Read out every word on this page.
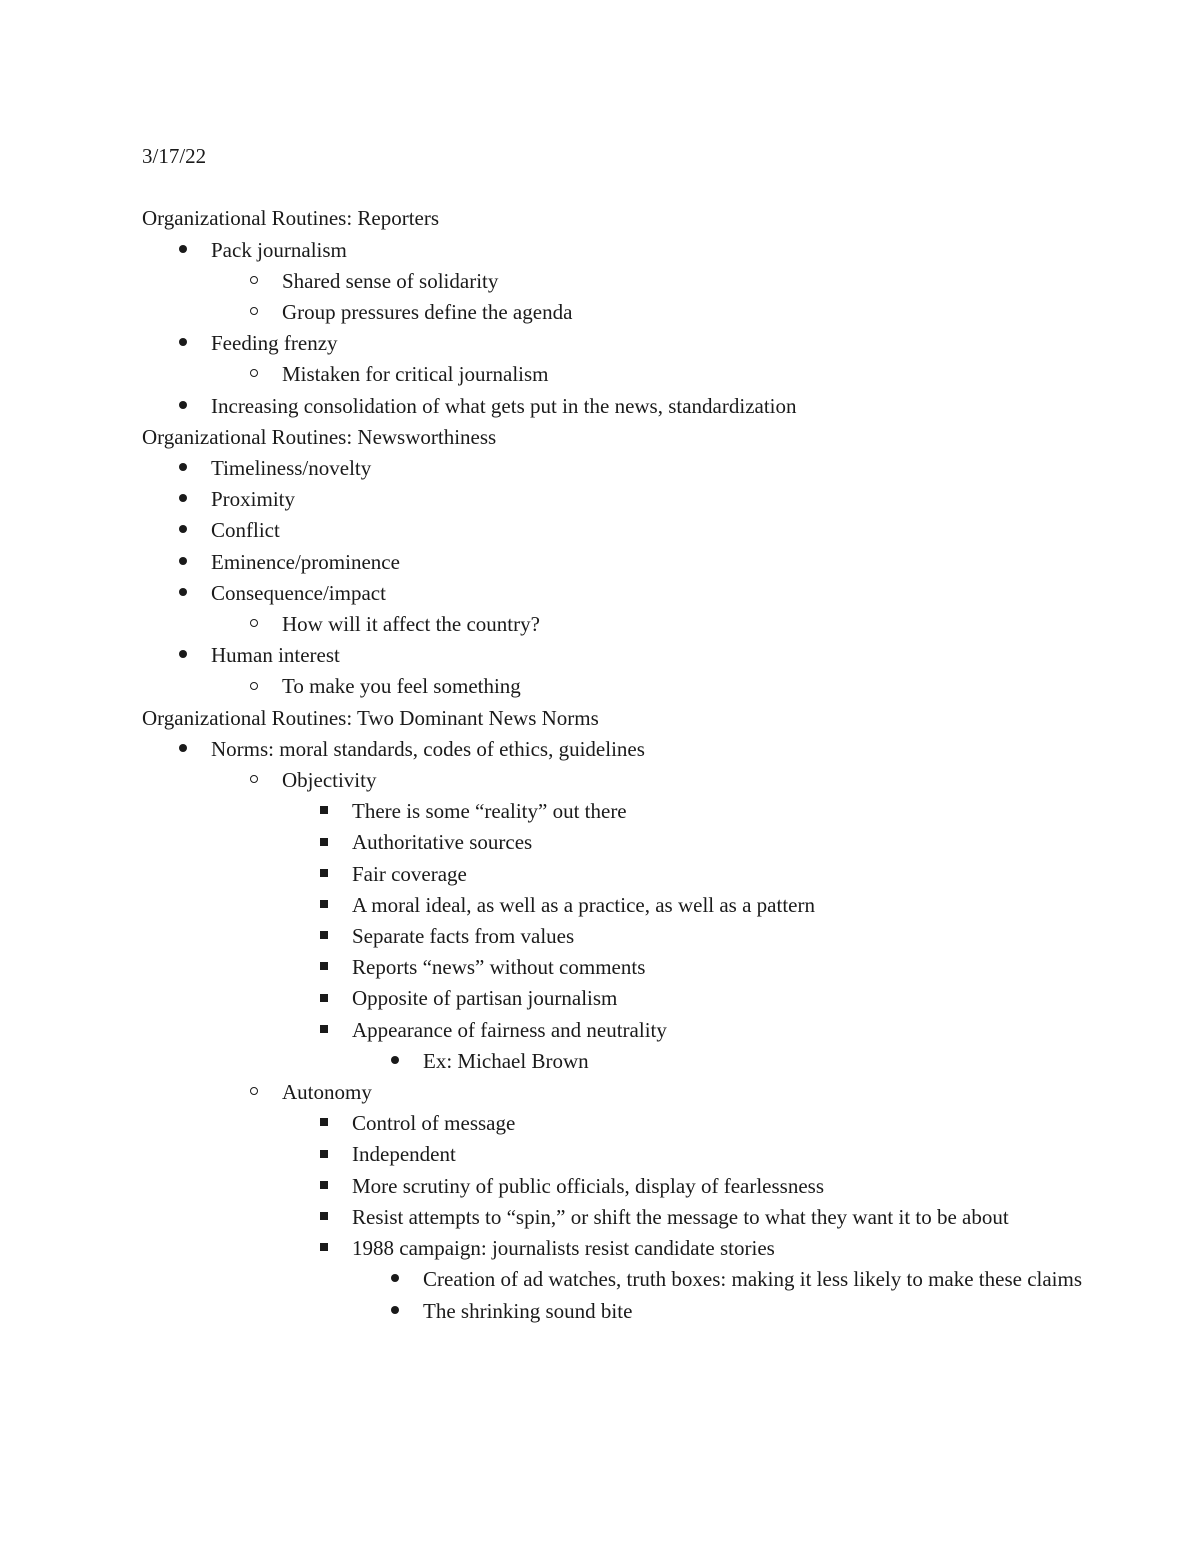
3/17/22
Organizational Routines: Reporters
Pack journalism
Shared sense of solidarity
Group pressures define the agenda
Feeding frenzy
Mistaken for critical journalism
Increasing consolidation of what gets put in the news, standardization
Organizational Routines: Newsworthiness
Timeliness/novelty
Proximity
Conflict
Eminence/prominence
Consequence/impact
How will it affect the country?
Human interest
To make you feel something
Organizational Routines: Two Dominant News Norms
Norms: moral standards, codes of ethics, guidelines
Objectivity
There is some “reality” out there
Authoritative sources
Fair coverage
A moral ideal, as well as a practice, as well as a pattern
Separate facts from values
Reports “news” without comments
Opposite of partisan journalism
Appearance of fairness and neutrality
Ex: Michael Brown
Autonomy
Control of message
Independent
More scrutiny of public officials, display of fearlessness
Resist attempts to “spin,” or shift the message to what they want it to be about
1988 campaign: journalists resist candidate stories
Creation of ad watches, truth boxes: making it less likely to make these claims
The shrinking sound bite
